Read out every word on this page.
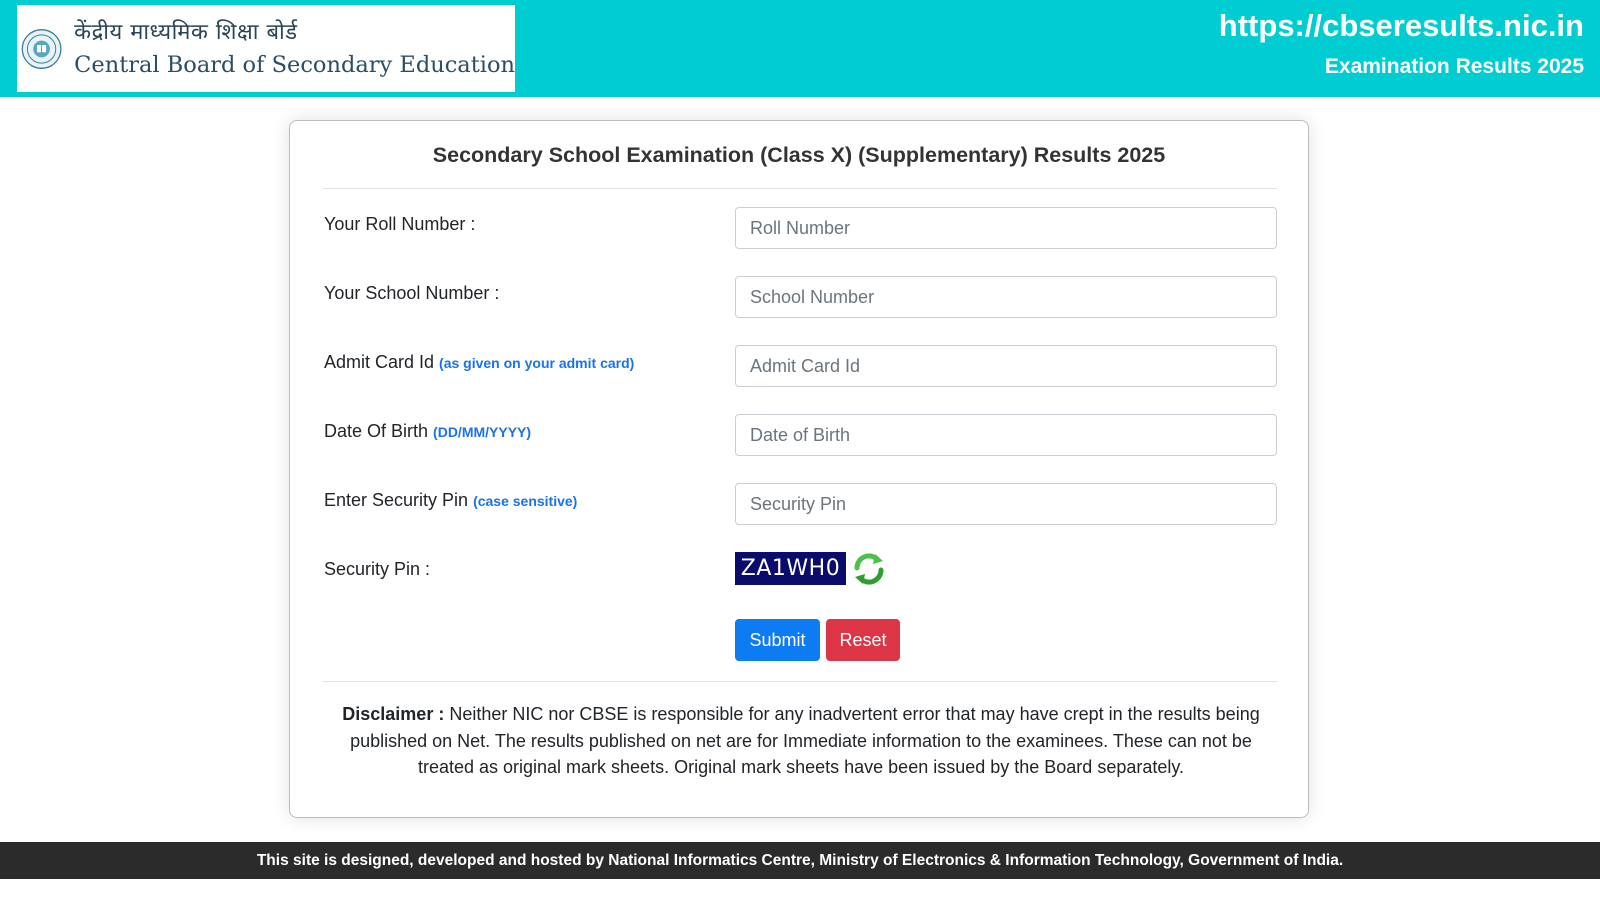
केंद्रीय माध्यमिक शिक्षा बोर्ड
Central Board of Secondary Education
https://cbseresults.nic.in
Examination Results 2025
Secondary School Examination (Class X) (Supplementary) Results 2025
Your Roll Number :
Roll Number
Your School Number :
School Number
Admit Card Id (as given on your admit card)
Admit Card Id
Date Of Birth (DD/MM/YYYY)
Date of Birth
Enter Security Pin (case sensitive)
Security Pin
Security Pin :	ZA1WH0
Submit	Reset
Disclaimer : Neither NIC nor CBSE is responsible for any inadvertent error that may have crept in the results being published on Net. The results published on net are for Immediate information to the examinees. These can not be treated as original mark sheets. Original mark sheets have been issued by the Board separately.
This site is designed, developed and hosted by National Informatics Centre, Ministry of Electronics & Information Technology, Government of India.
